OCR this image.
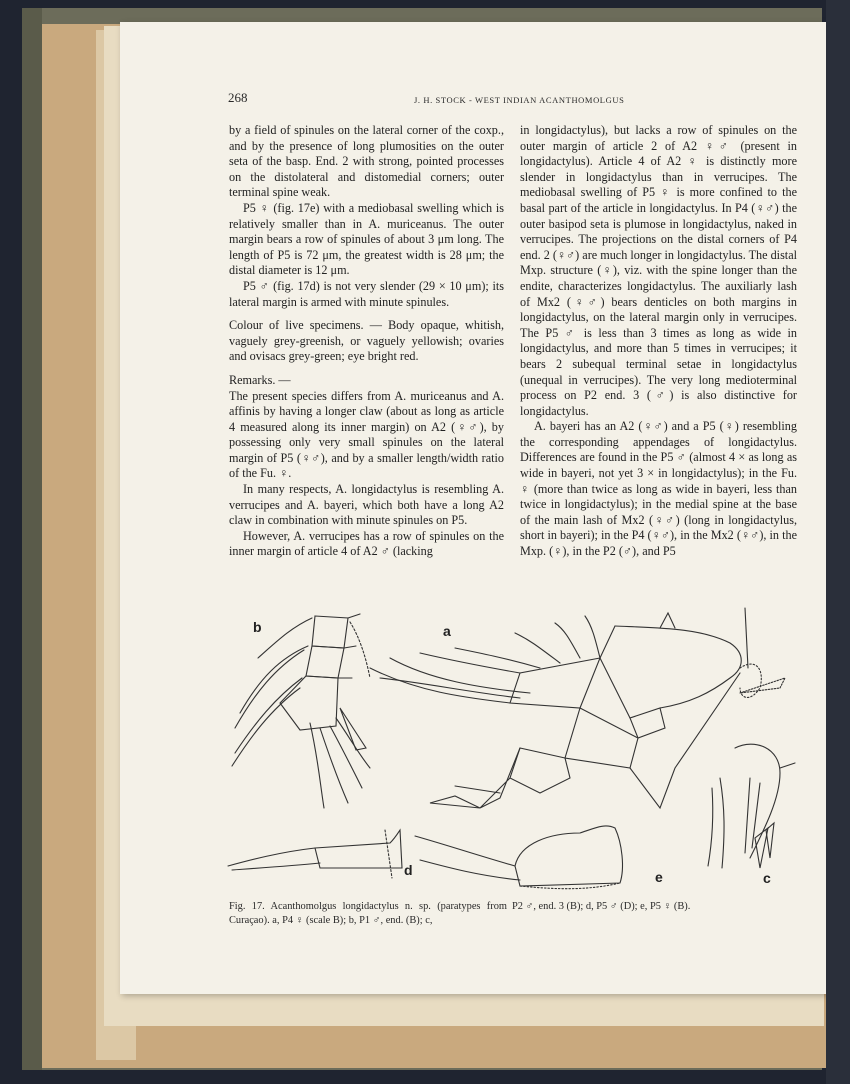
268	J. H. STOCK - WEST INDIAN ACANTHOMOLGUS

by a field of spinules on the lateral corner of the coxp., and by the presence of long plumosities on the outer seta of the basp. End. 2 with strong, pointed processes on the distolateral and distomedial corners; outer terminal spine weak.

P5 ♀ (fig. 17e) with a mediobasal swelling which is relatively smaller than in A. muriceanus. The outer margin bears a row of spinules of about 3 μm long. The length of P5 is 72 μm, the greatest width is 28 μm; the distal diameter is 12 μm.

P5 ♂ (fig. 17d) is not very slender (29 × 10 μm); its lateral margin is armed with minute spinules.

Colour of live specimens. — Body opaque, whitish, vaguely grey-greenish, or vaguely yellowish; ovaries and ovisacs grey-green; eye bright red.

Remarks. —

The present species differs from A. muriceanus and A. affinis by having a longer claw (about as long as article 4 measured along its inner margin) on A2 (♀♂), by possessing only very small spinules on the lateral margin of P5 (♀♂), and by a smaller length/width ratio of the Fu. ♀.

In many respects, A. longidactylus is resembling A. verrucipes and A. bayeri, which both have a long A2 claw in combination with minute spinules on P5.

However, A. verrucipes has a row of spinules on the inner margin of article 4 of A2 ♂ (lacking

in longidactylus), but lacks a row of spinules on the outer margin of article 2 of A2 ♀♂ (present in longidactylus). Article 4 of A2 ♀ is distinctly more slender in longidactylus than in verrucipes. The mediobasal swelling of P5 ♀ is more confined to the basal part of the article in longidactylus. In P4 (♀♂) the outer basipod seta is plumose in longidactylus, naked in verrucipes. The projections on the distal corners of P4 end. 2 (♀♂) are much longer in longidactylus. The distal Mxp. structure (♀), viz. with the spine longer than the endite, characterizes longidactylus. The auxiliarly lash of Mx2 (♀♂) bears denticles on both margins in longidactylus, on the lateral margin only in verrucipes. The P5 ♂ is less than 3 times as long as wide in longidactylus, and more than 5 times in verrucipes; it bears 2 subequal terminal setae in longidactylus (unequal in verrucipes). The very long medioterminal process on P2 end. 3 (♂) is also distinctive for longidactylus.

A. bayeri has an A2 (♀♂) and a P5 (♀) resembling the corresponding appendages of longidactylus. Differences are found in the P5 ♂ (almost 4 × as long as wide in bayeri, not yet 3 × in longidactylus); in the Fu. ♀ (more than twice as long as wide in bayeri, less than twice in longidactylus); in the medial spine at the base of the main lash of Mx2 (♀♂) (long in longidactylus, short in bayeri); in the P4 (♀♂), in the Mx2 (♀♂), in the Mxp. (♀), in the P2 (♂), and P5

b	a
c
d	e
Fig. 17. Acanthomolgus longidactylus n. sp. (paratypes from Curaçao). a, P4 ♀ (scale B); b, P1 ♂, end. (B); c,
P2 ♂, end. 3 (B); d, P5 ♂ (D); e, P5 ♀ (B).
